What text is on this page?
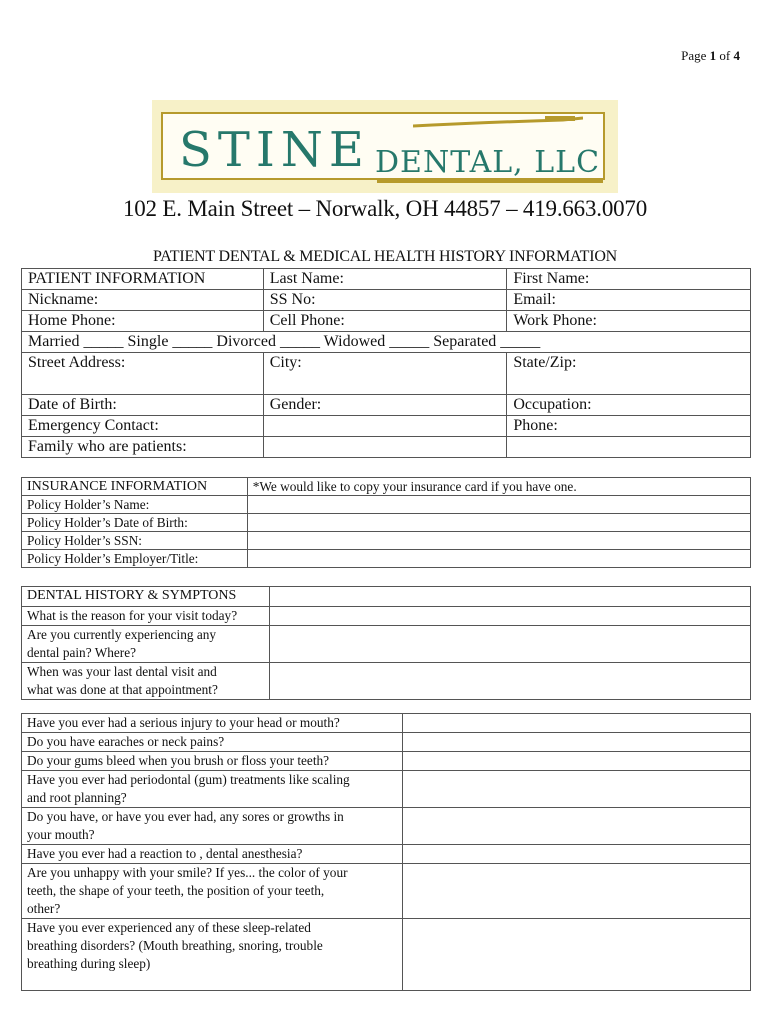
Page 1 of 4
STINE DENTAL, LLC
102 E. Main Street – Norwalk, OH 44857 – 419.663.0070
PATIENT DENTAL & MEDICAL HEALTH HISTORY INFORMATION
PATIENT INFORMATION	Last Name:	First Name:
Nickname:	SS No:	Email:
Home Phone:	Cell Phone:	Work Phone:
Married _____ Single _____ Divorced _____ Widowed _____ Separated _____		
Street Address:	City:	State/Zip:
Date of Birth:	Gender:	Occupation:
Emergency Contact:		Phone:
Family who are patients:		
INSURANCE INFORMATION	*We would like to copy your insurance card if you have one.
Policy Holder’s Name:	
Policy Holder’s Date of Birth:	
Policy Holder’s SSN:	
Policy Holder’s Employer/Title:	
DENTAL HISTORY & SYMPTONS	
What is the reason for your visit today?	

Are you currently experiencing any
dental pain? Where?	

When was your last dental visit and
what was done at that appointment?	

Have you ever had a serious injury to your head or mouth?	

Do you have earaches or neck pains?	

Do your gums bleed when you brush or floss your teeth?	

Have you ever had periodontal (gum) treatments like scaling
and root planning?	

Do you have, or have you ever had, any sores or growths in
your mouth?	

Have you ever had a reaction to , dental anesthesia?	

Are you unhappy with your smile? If yes... the color of your
teeth, the shape of your teeth, the position of your teeth,
other?	

Have you ever experienced any of these sleep-related
breathing disorders? (Mouth breathing, snoring, trouble
breathing during sleep)	
